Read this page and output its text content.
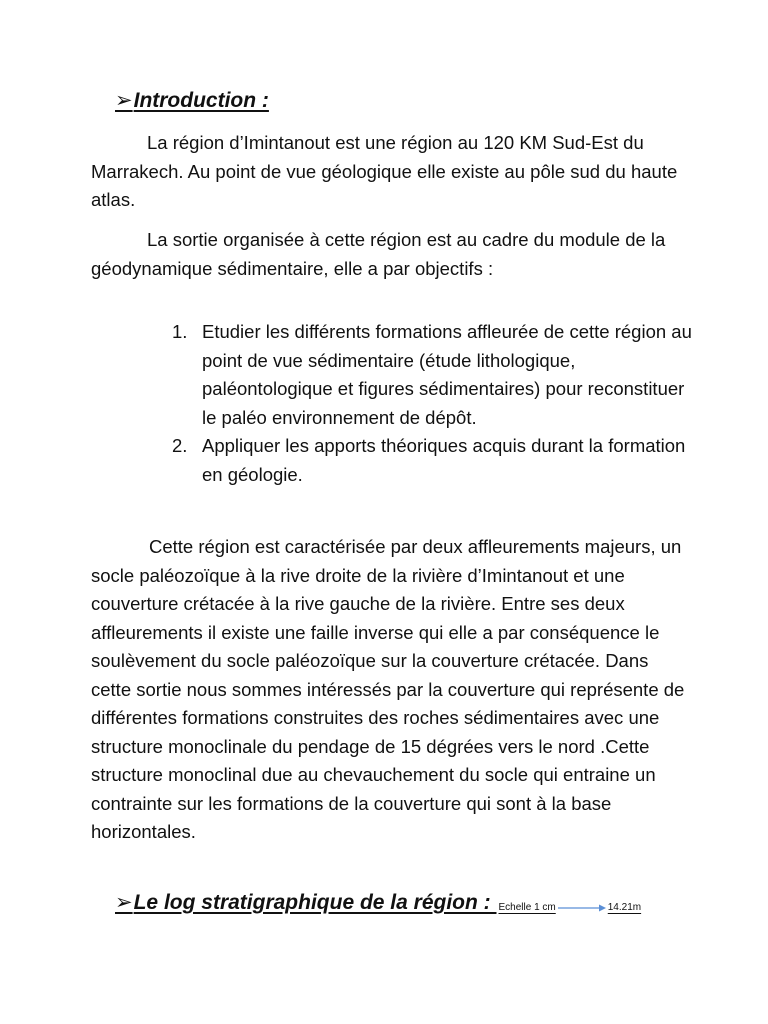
➢ Introduction :

La région d’Imintanout est une région au 120 KM Sud-Est du Marrakech. Au point de vue géologique elle existe au pôle sud du haute atlas.

La sortie organisée à cette région est au cadre du module de la géodynamique sédimentaire, elle a par objectifs :

1. Etudier les différents formations affleurée de cette région au point de vue sédimentaire (étude lithologique, paléontologique et figures sédimentaires) pour reconstituer le paléo environnement de dépôt.
2. Appliquer les apports théoriques acquis durant la formation en géologie.

Cette région est caractérisée par deux affleurements majeurs, un socle paléozoïque à la rive droite de la rivière d’Imintanout et une couverture crétacée à la rive gauche de la rivière. Entre ses deux affleurements il existe une faille inverse qui elle a par conséquence le soulèvement du socle paléozoïque sur la couverture crétacée. Dans cette sortie nous sommes intéressés par la couverture qui représente de différentes formations construites des roches sédimentaires avec une structure monoclinale du pendage de 15 dégrées vers le nord .Cette structure monoclinal due au chevauchement du socle qui entraine un contrainte sur les formations de la couverture qui sont à la base horizontales.

➢ Le log stratigraphique de la région : Echelle 1 cm	14.21m
